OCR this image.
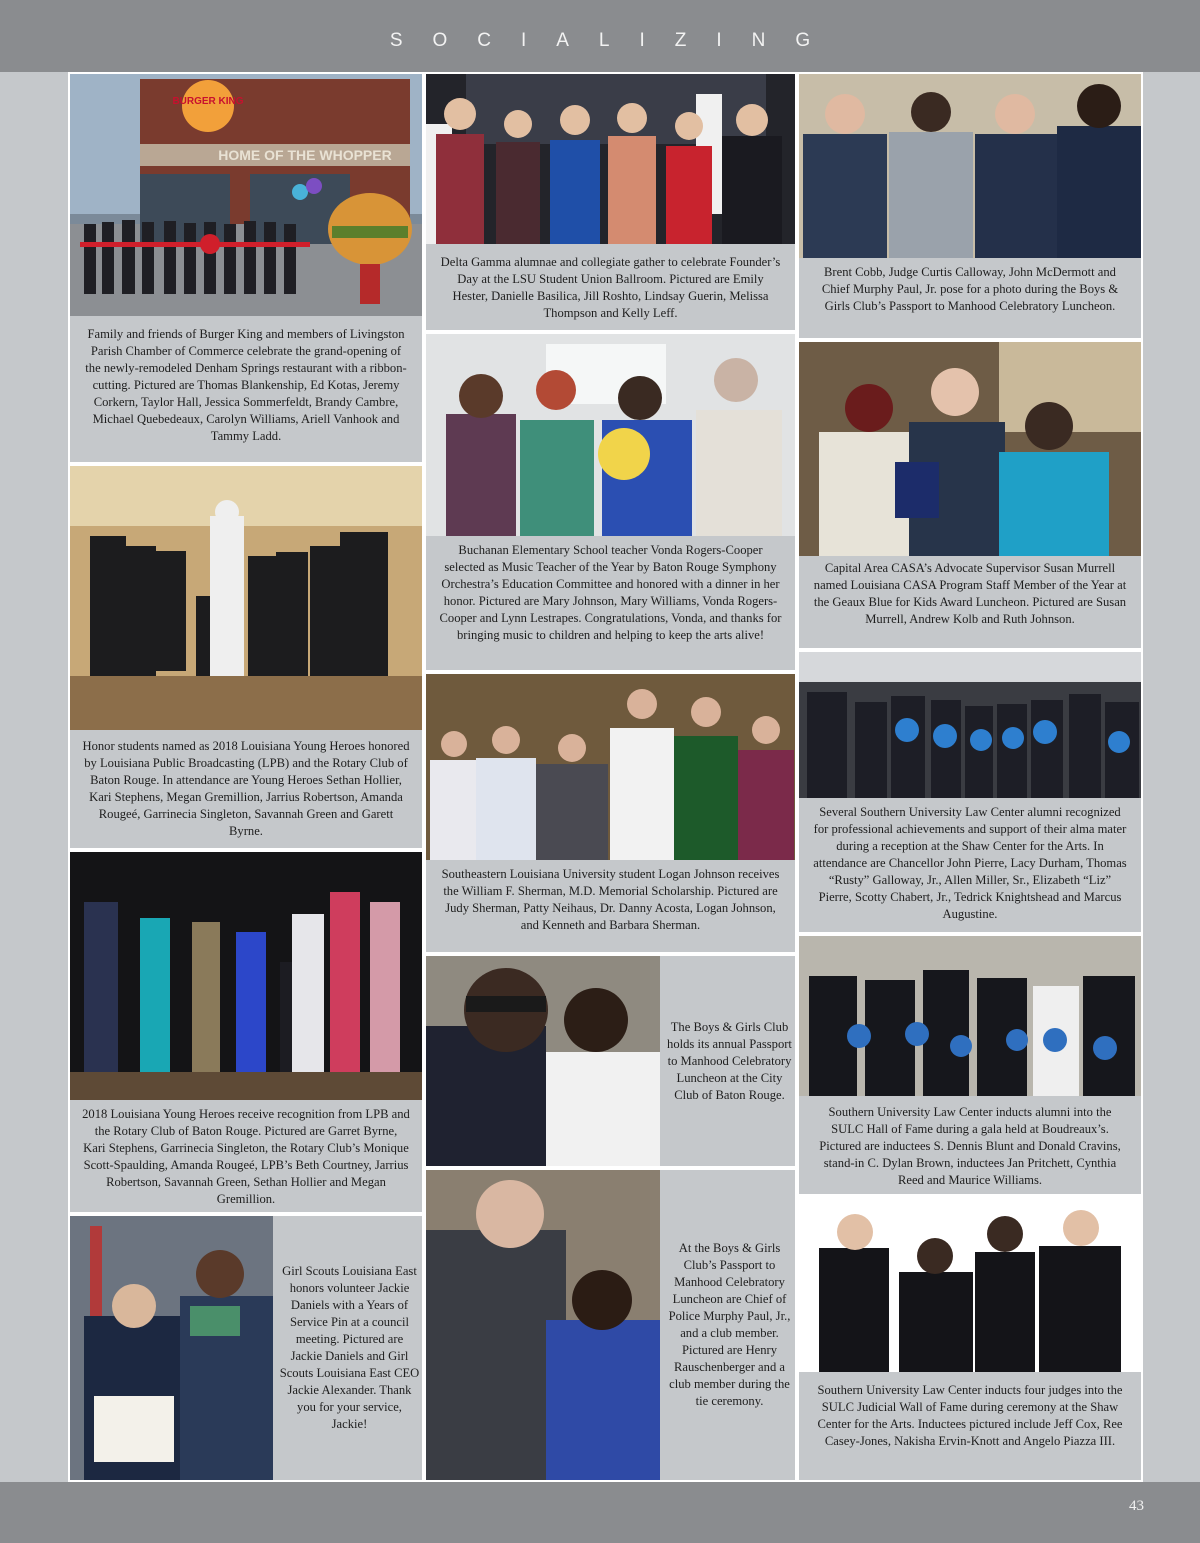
SOCIALIZING
BURGER KING
HOME OF THE WHOPPER
Family and friends of Burger King and members of Livingston Parish Chamber of Commerce celebrate the grand-opening of the newly-remodeled Denham Springs restaurant with a ribbon-cutting. Pictured are Thomas Blankenship, Ed Kotas, Jeremy Corkern, Taylor Hall, Jessica Sommerfeldt, Brandy Cambre, Michael Quebedeaux, Carolyn Williams, Ariell Vanhook and Tammy Ladd.
Honor students named as 2018 Louisiana Young Heroes honored by Louisiana Public Broadcasting (LPB) and the Rotary Club of Baton Rouge. In attendance are Young Heroes Sethan Hollier, Kari Stephens, Megan Gremillion, Jarrius Robertson, Amanda Rougeé, Garrinecia Singleton, Savannah Green and Garett Byrne.
2018 Louisiana Young Heroes receive recognition from LPB and the Rotary Club of Baton Rouge. Pictured are Garret Byrne, Kari Stephens, Garrinecia Singleton, the Rotary Club’s Monique Scott-Spaulding, Amanda Rougeé, LPB’s Beth Courtney, Jarrius Robertson, Savannah Green, Sethan Hollier and Megan Gremillion.
Girl Scouts Louisiana East honors volunteer Jackie Daniels with a Years of Service Pin at a council meeting. Pictured are Jackie Daniels and Girl Scouts Louisiana East CEO Jackie Alexander. Thank you for your service, Jackie!
Delta Gamma alumnae and collegiate gather to celebrate Founder’s Day at the LSU Student Union Ballroom. Pictured are Emily Hester, Danielle Basilica, Jill Roshto, Lindsay Guerin, Melissa Thompson and Kelly Leff.
Buchanan Elementary School teacher Vonda Rogers-Cooper selected as Music Teacher of the Year by Baton Rouge Symphony Orchestra’s Education Committee and honored with a dinner in her honor. Pictured are Mary Johnson, Mary Williams, Vonda Rogers-Cooper and Lynn Lestrapes. Congratulations, Vonda, and thanks for bringing music to children and helping to keep the arts alive!
Southeastern Louisiana University student Logan Johnson receives the William F. Sherman, M.D. Memorial Scholarship. Pictured are Judy Sherman, Patty Neihaus, Dr. Danny Acosta, Logan Johnson, and Kenneth and Barbara Sherman.
The Boys & Girls Club holds its annual Passport to Manhood Celebratory Luncheon at the City Club of Baton Rouge.
At the Boys & Girls Club’s Passport to Manhood Celebratory Luncheon are Chief of Police Murphy Paul, Jr., and a club member. Pictured are Henry Rauschenberger and a club member during the tie ceremony.
Brent Cobb, Judge Curtis Calloway, John McDermott and Chief Murphy Paul, Jr. pose for a photo during the Boys & Girls Club’s Passport to Manhood Celebratory Luncheon.
Capital Area CASA’s Advocate Supervisor Susan Murrell named Louisiana CASA Program Staff Member of the Year at the Geaux Blue for Kids Award Luncheon. Pictured are Susan Murrell, Andrew Kolb and Ruth Johnson.
Several Southern University Law Center alumni recognized for professional achievements and support of their alma mater during a reception at the Shaw Center for the Arts. In attendance are Chancellor John Pierre, Lacy Durham, Thomas “Rusty” Galloway, Jr., Allen Miller, Sr., Elizabeth “Liz” Pierre, Scotty Chabert, Jr., Tedrick Knightshead and Marcus Augustine.
Southern University Law Center inducts alumni into the SULC Hall of Fame during a gala held at Boudreaux’s. Pictured are inductees S. Dennis Blunt and Donald Cravins, stand-in C. Dylan Brown, inductees Jan Pritchett, Cynthia Reed and Maurice Williams.
Southern University Law Center inducts four judges into the SULC Judicial Wall of Fame during ceremony at the Shaw Center for the Arts. Inductees pictured include Jeff Cox, Ree Casey-Jones, Nakisha Ervin-Knott and Angelo Piazza III.
43
